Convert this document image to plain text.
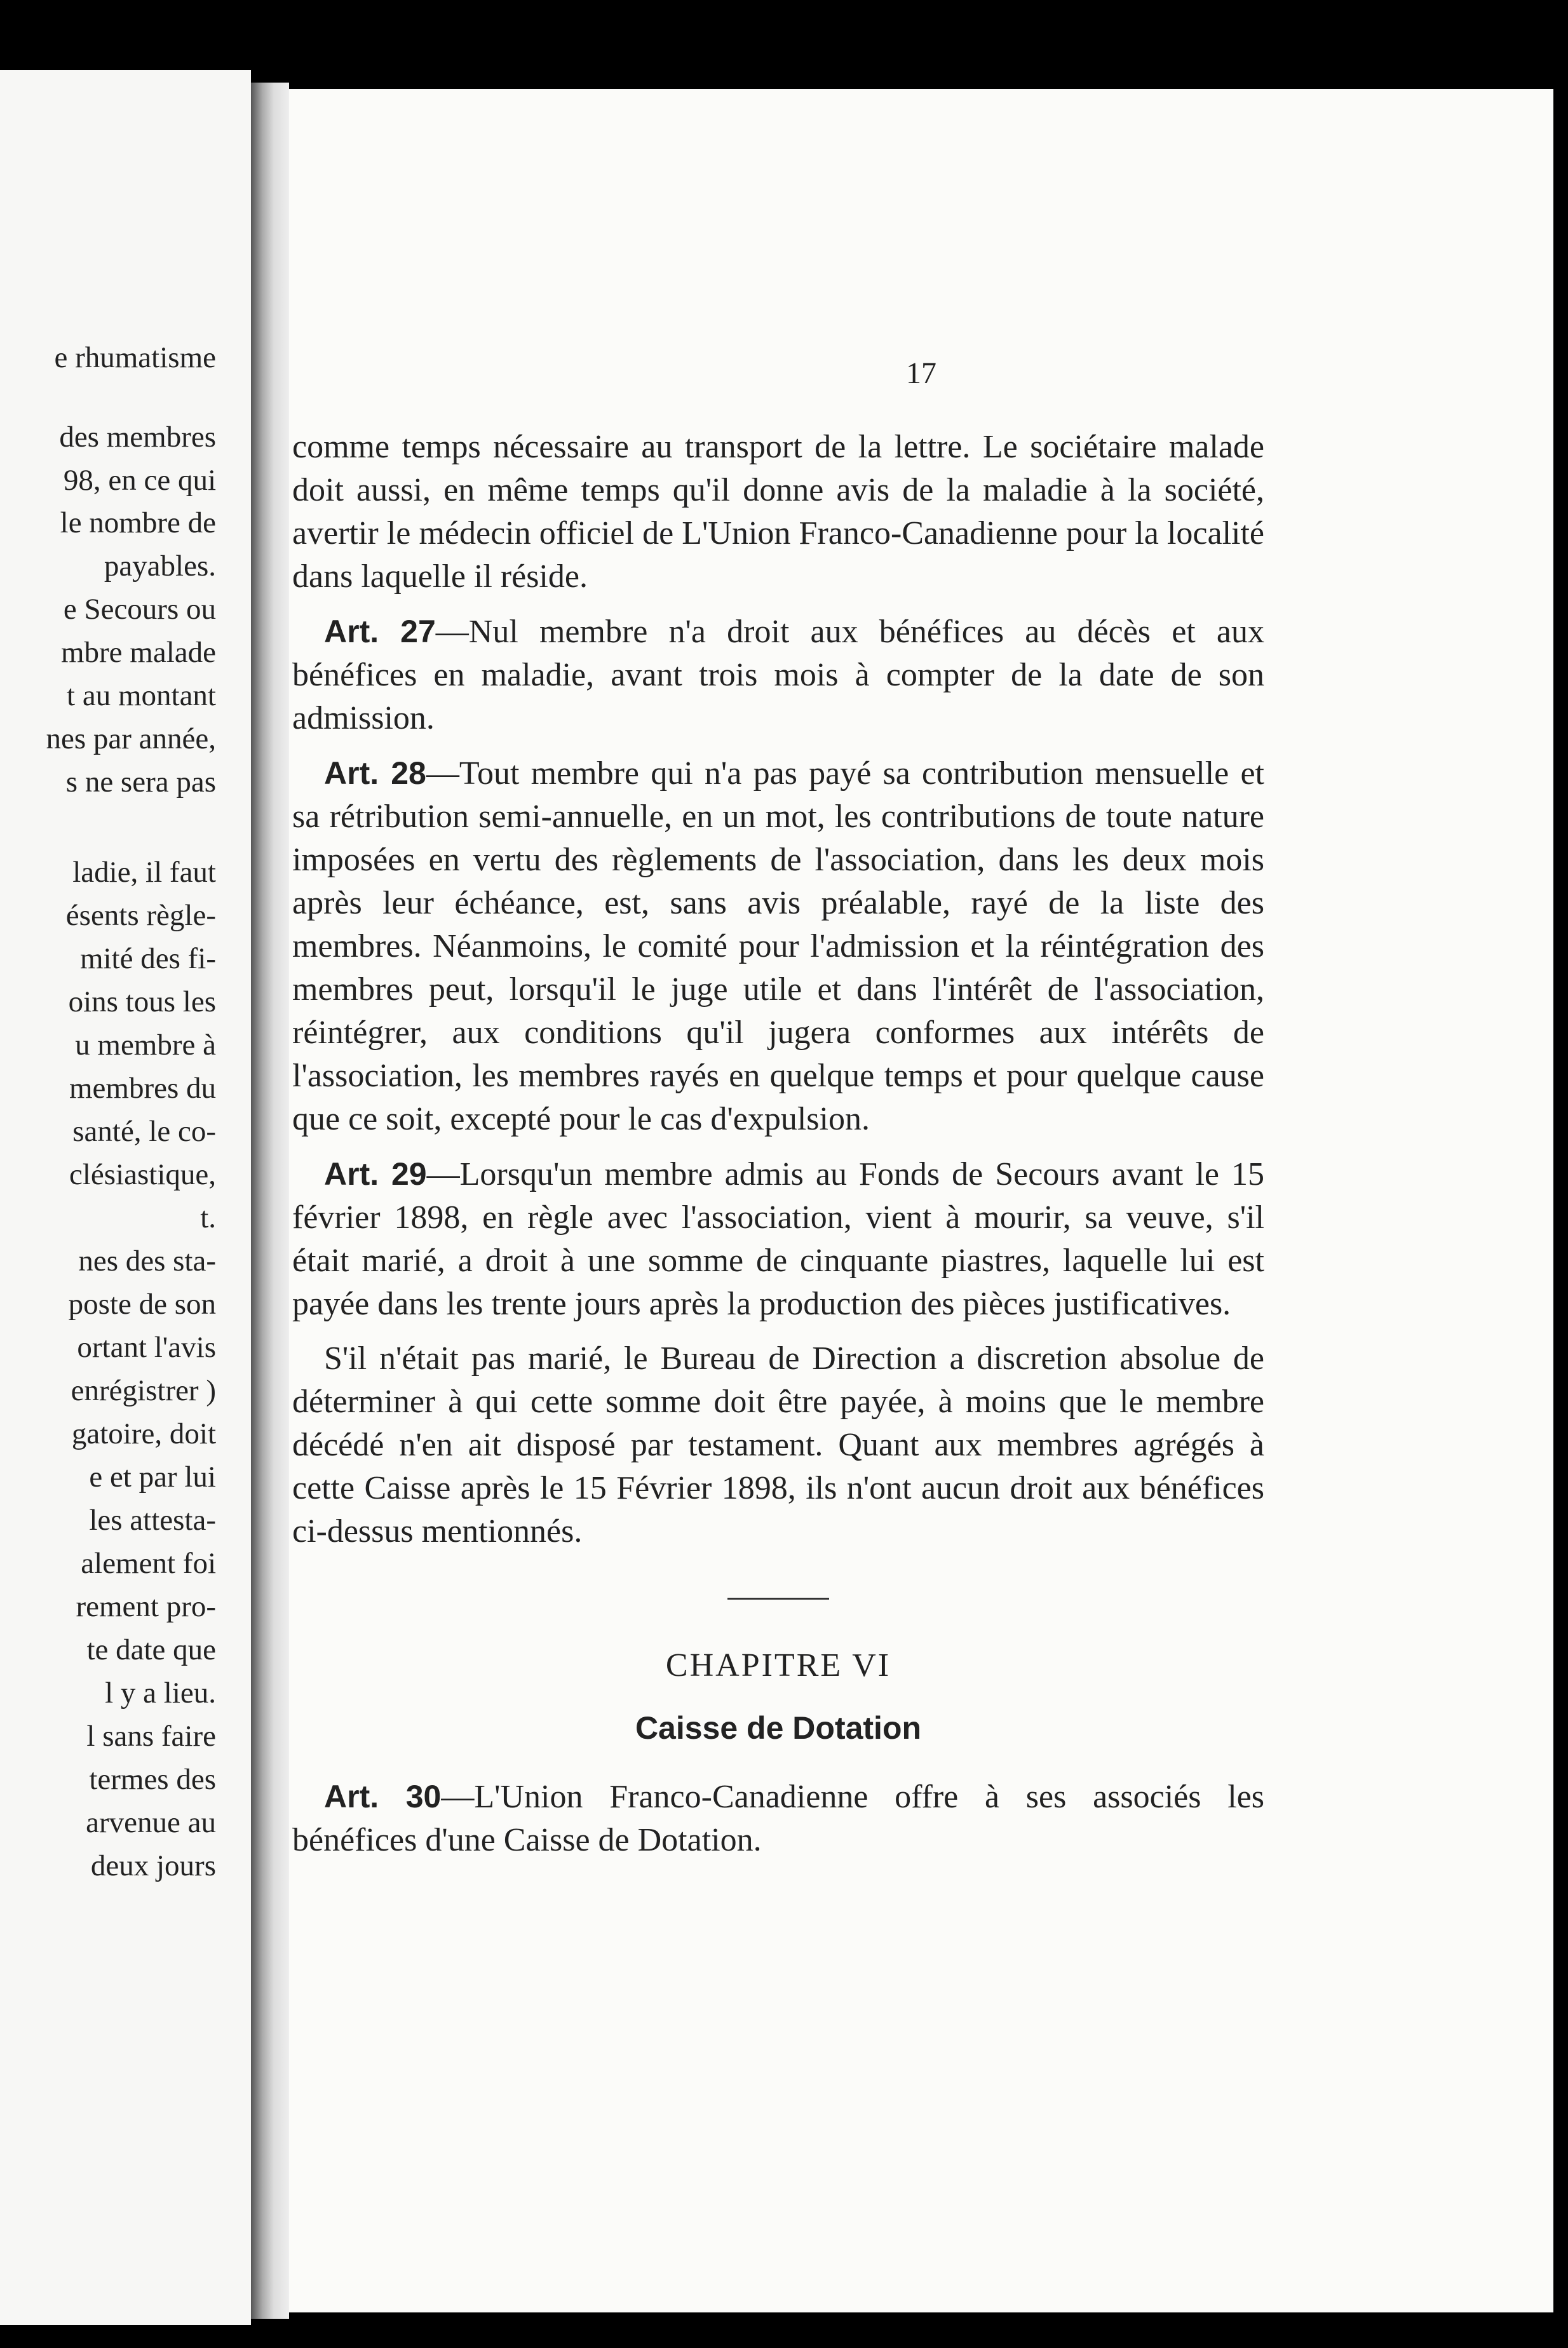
e rhumatisme
des membres
98, en ce qui
le nombre de
payables.
e Secours ou
mbre malade
t au montant
nes par année,
s ne sera pas
ladie, il faut
ésents règle-
mité des fi-
oins tous les
u membre à
membres du
santé, le co-
clésiastique,
t.
nes des sta-
poste de son
ortant l'avis
enrégistrer )
gatoire, doit
e et par lui
les attesta-
alement foi
rement pro-
te date que
l y a lieu.
l sans faire
termes des
arvenue au
deux jours
17

comme temps nécessaire au transport de la lettre. Le sociétaire malade doit aussi, en même temps qu'il donne avis de la maladie à la société, avertir le médecin officiel de L'Union Franco-Canadienne pour la localité dans laquelle il réside.

Art. 27—Nul membre n'a droit aux bénéfices au décès et aux bénéfices en maladie, avant trois mois à compter de la date de son admission.

Art. 28—Tout membre qui n'a pas payé sa contribution mensuelle et sa rétribution semi-annuelle, en un mot, les contributions de toute nature imposées en vertu des règlements de l'association, dans les deux mois après leur échéance, est, sans avis préalable, rayé de la liste des membres. Néanmoins, le comité pour l'admission et la réintégration des membres peut, lorsqu'il le juge utile et dans l'intérêt de l'association, réintégrer, aux conditions qu'il jugera conformes aux intérêts de l'association, les membres rayés en quelque temps et pour quelque cause que ce soit, excepté pour le cas d'expulsion.

Art. 29—Lorsqu'un membre admis au Fonds de Secours avant le 15 février 1898, en règle avec l'association, vient à mourir, sa veuve, s'il était marié, a droit à une somme de cinquante piastres, laquelle lui est payée dans les trente jours après la production des pièces justificatives.

S'il n'était pas marié, le Bureau de Direction a discretion absolue de déterminer à qui cette somme doit être payée, à moins que le membre décédé n'en ait disposé par testament. Quant aux membres agrégés à cette Caisse après le 15 Février 1898, ils n'ont aucun droit aux bénéfices ci-dessus mentionnés.

CHAPITRE VI
Caisse de Dotation

Art. 30—L'Union Franco-Canadienne offre à ses associés les bénéfices d'une Caisse de Dotation.
